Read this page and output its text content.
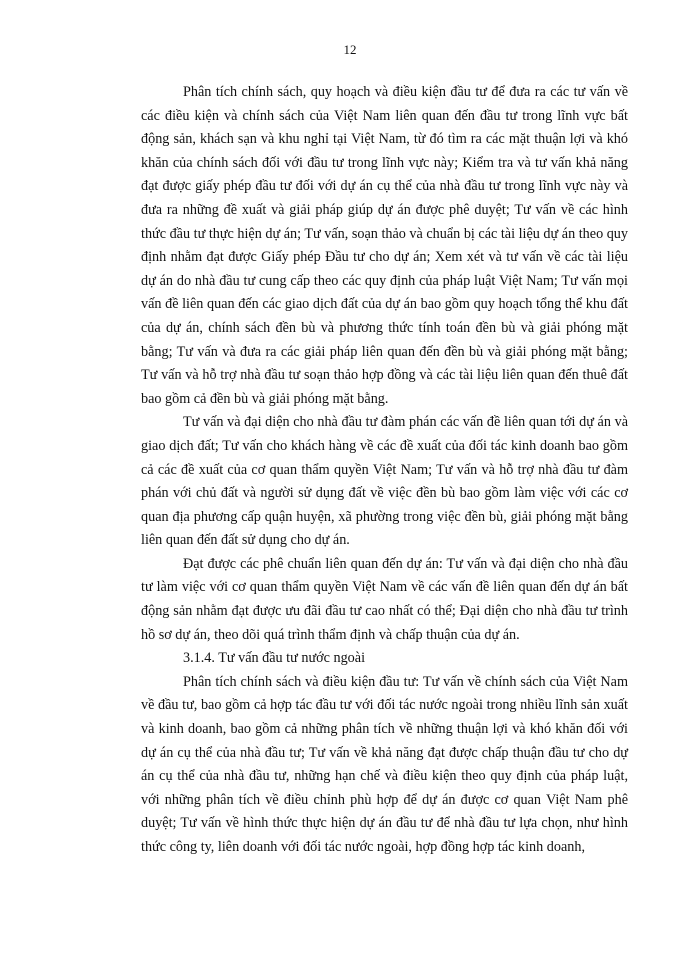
12

Phân tích chính sách, quy hoạch và điều kiện đầu tư để đưa ra các tư vấn về các điều kiện và chính sách của Việt Nam liên quan đến đầu tư trong lĩnh vực bất động sản, khách sạn và khu nghỉ tại Việt Nam, từ đó tìm ra các mặt thuận lợi và khó khăn của chính sách đối với đầu tư trong lĩnh vực này; Kiểm tra và tư vấn khả năng đạt được giấy phép đầu tư đối với dự án cụ thể của nhà đầu tư trong lĩnh vực này và đưa ra những đề xuất và giải pháp giúp dự án được phê duyệt; Tư vấn về các hình thức đầu tư thực hiện dự án; Tư vấn, soạn thảo và chuẩn bị các tài liệu dự án theo quy định nhằm đạt được Giấy phép Đầu tư cho dự án; Xem xét và tư vấn về các tài liệu dự án do nhà đầu tư cung cấp theo các quy định của pháp luật Việt Nam; Tư vấn mọi vấn đề liên quan đến các giao dịch đất của dự án bao gồm quy hoạch tổng thể khu đất của dự án, chính sách đền bù và phương thức tính toán đền bù và giải phóng mặt bằng; Tư vấn và đưa ra các giải pháp liên quan đến đền bù và giải phóng mặt bằng; Tư vấn và hỗ trợ nhà đầu tư soạn thảo hợp đồng và các tài liệu liên quan đến thuê đất bao gồm cả đền bù và giải phóng mặt bằng.

Tư vấn và đại diện cho nhà đầu tư đàm phán các vấn đề liên quan tới dự án và giao dịch đất; Tư vấn cho khách hàng về các đề xuất của đối tác kinh doanh bao gồm cả các đề xuất của cơ quan thẩm quyền Việt Nam; Tư vấn và hỗ trợ nhà đầu tư đàm phán với chủ đất và người sử dụng đất về việc đền bù bao gồm làm việc với các cơ quan địa phương cấp quận huyện, xã phường trong việc đền bù, giải phóng mặt bằng liên quan đến đất sử dụng cho dự án.

Đạt được các phê chuẩn liên quan đến dự án: Tư vấn và đại diện cho nhà đầu tư làm việc với cơ quan thẩm quyền Việt Nam về các vấn đề liên quan đến dự án bất động sản nhằm đạt được ưu đãi đầu tư cao nhất có thể; Đại diện cho nhà đầu tư trình hồ sơ dự án, theo dõi quá trình thẩm định và chấp thuận của dự án.

3.1.4. Tư vấn đầu tư nước ngoài

Phân tích chính sách và điều kiện đầu tư: Tư vấn về chính sách của Việt Nam về đầu tư, bao gồm cả hợp tác đầu tư với đối tác nước ngoài trong nhiều lĩnh sản xuất và kinh doanh, bao gồm cả những phân tích về những thuận lợi và khó khăn đối với dự án cụ thể của nhà đầu tư; Tư vấn về khả năng đạt được chấp thuận đầu tư cho dự án cụ thể của nhà đầu tư, những hạn chế và điều kiện theo quy định của pháp luật, với những phân tích về điều chỉnh phù hợp để dự án được cơ quan Việt Nam phê duyệt; Tư vấn về hình thức thực hiện dự án đầu tư để nhà đầu tư lựa chọn, như hình thức công ty, liên doanh với đối tác nước ngoài, hợp đồng hợp tác kinh doanh,
